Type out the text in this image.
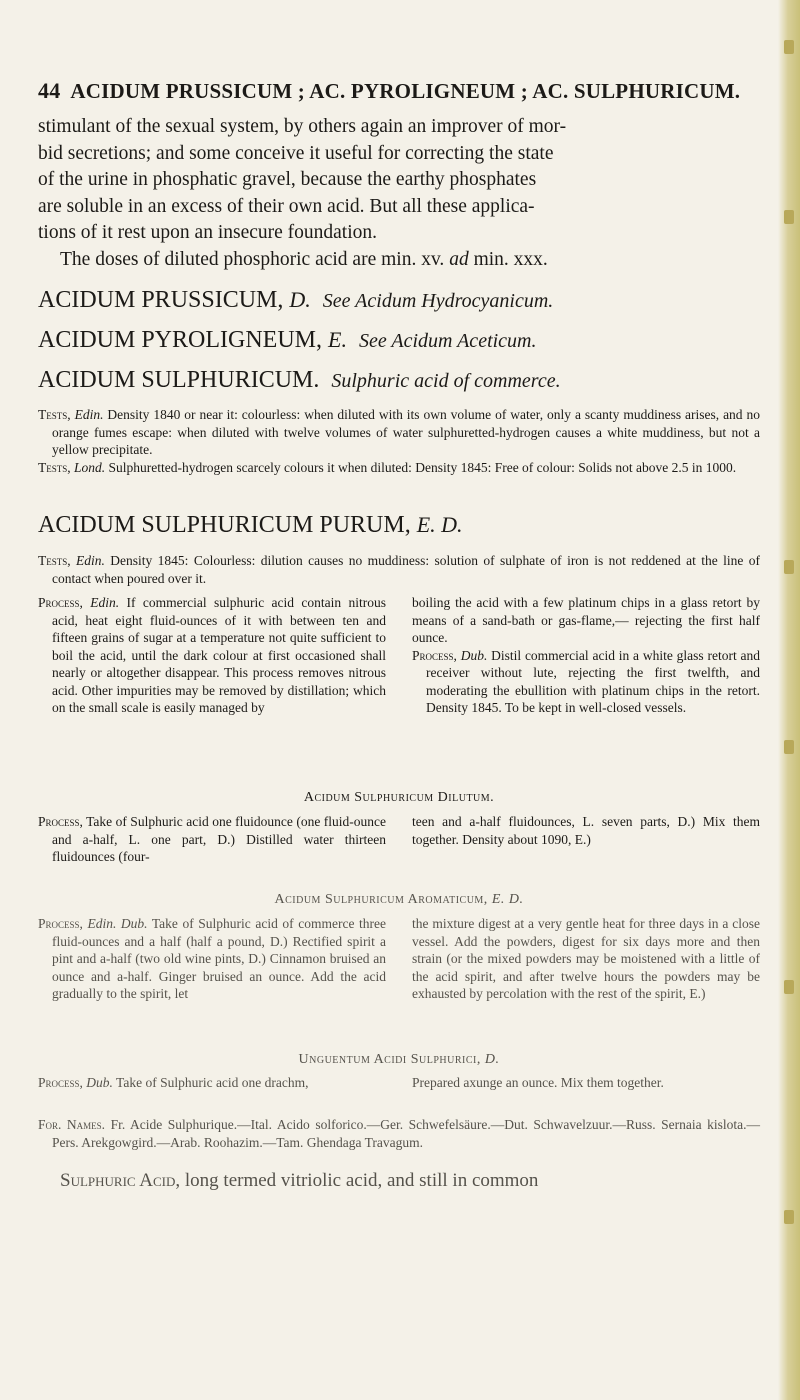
44 ACIDUM PRUSSICUM ; AC. PYROLIGNEUM ; AC. SULPHURICUM.

stimulant of the sexual system, by others again an improver of mor-

bid secretions; and some conceive it useful for correcting the state

of the urine in phosphatic gravel, because the earthy phosphates

are soluble in an excess of their own acid. But all these applica-

tions of it rest upon an insecure foundation.

The doses of diluted phosphoric acid are min. xv. ad min. xxx.

ACIDUM PRUSSICUM, D. See Acidum Hydrocyanicum.
ACIDUM PYROLIGNEUM, E. See Acidum Aceticum.
ACIDUM SULPHURICUM. Sulphuric acid of commerce.

Tests, Edin. Density 1840 or near it: colourless: when diluted with its own volume of water, only a scanty muddiness arises, and no orange fumes escape: when diluted with twelve volumes of water sulphuretted-hydrogen causes a white muddiness, but not a yellow precipitate.

Tests, Lond. Sulphuretted-hydrogen scarcely colours it when diluted: Density 1845: Free of colour: Solids not above 2.5 in 1000.

ACIDUM SULPHURICUM PURUM, E. D.

Tests, Edin. Density 1845: Colourless: dilution causes no muddiness: solution of sulphate of iron is not reddened at the line of contact when poured over it.

Process, Edin. If commercial sulphuric acid contain nitrous acid, heat eight fluid-ounces of it with between ten and fifteen grains of sugar at a temperature not quite sufficient to boil the acid, until the dark colour at first occasioned shall nearly or altogether disappear. This process removes nitrous acid. Other impurities may be removed by distillation; which on the small scale is easily managed by

boiling the acid with a few platinum chips in a glass retort by means of a sand-bath or gas-flame,— rejecting the first half ounce.

Process, Dub. Distil commercial acid in a white glass retort and receiver without lute, rejecting the first twelfth, and moderating the ebullition with platinum chips in the retort. Density 1845. To be kept in well-closed vessels.

Acidum Sulphuricum Dilutum.

Process, Take of Sulphuric acid one fluidounce (one fluid-ounce and a-half, L. one part, D.) Distilled water thirteen fluidounces (four-

teen and a-half fluidounces, L. seven parts, D.) Mix them together. Density about 1090, E.)

Acidum Sulphuricum Aromaticum, E. D.

Process, Edin. Dub. Take of Sulphuric acid of commerce three fluid-ounces and a half (half a pound, D.) Rectified spirit a pint and a-half (two old wine pints, D.) Cinnamon bruised an ounce and a-half. Ginger bruised an ounce. Add the acid gradually to the spirit, let

the mixture digest at a very gentle heat for three days in a close vessel. Add the powders, digest for six days more and then strain (or the mixed powders may be moistened with a little of the acid spirit, and after twelve hours the powders may be exhausted by percolation with the rest of the spirit, E.)

Unguentum Acidi Sulphurici, D.

Process, Dub. Take of Sulphuric acid one drachm,	Prepared axunge an ounce. Mix them together.

For. Names. Fr. Acide Sulphurique.—Ital. Acido solforico.—Ger. Schwefelsäure.—Dut. Schwavelzuur.—Russ. Sernaia kislota.—Pers. Arekgowgird.—Arab. Roohazim.—Tam. Ghendaga Travagum.

Sulphuric Acid, long termed vitriolic acid, and still in common
